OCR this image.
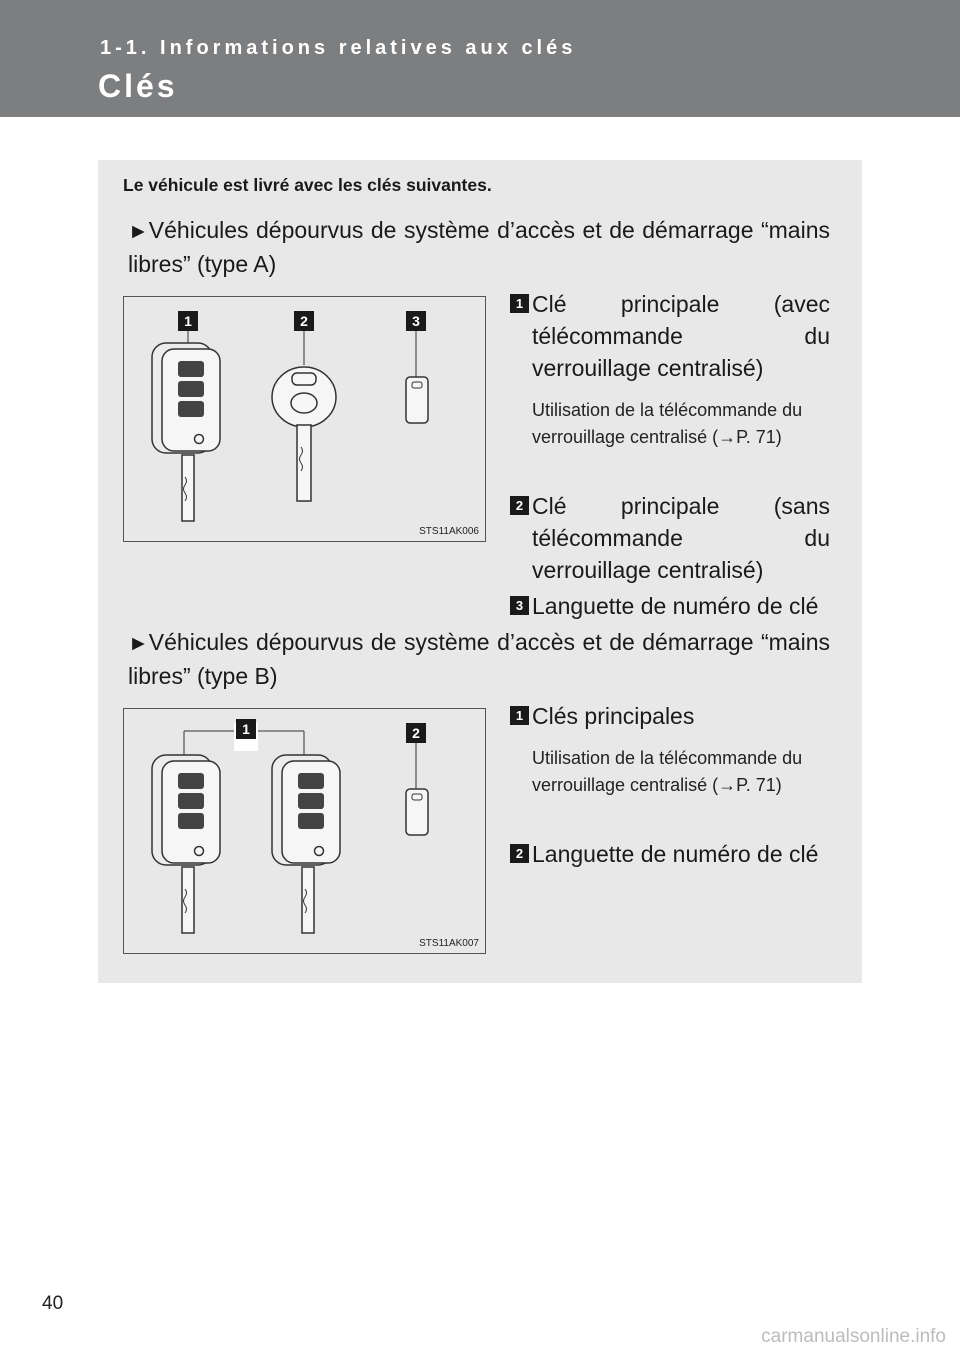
1-1. Informations relatives aux clés
Clés
Le véhicule est livré avec les clés suivantes.
►Véhicules dépourvus de système d’accès et de démarrage “mains libres” (type A)
1	2	3
STS11AK006
1 Clé principale (avec télécommande du verrouillage centralisé)
Utilisation de la télécommande du verrouillage centralisé (→P. 71)
2 Clé principale (sans télécommande du verrouillage centralisé)
3 Languette de numéro de clé
►Véhicules dépourvus de système d’accès et de démarrage “mains libres” (type B)
1	2
STS11AK007
1 Clés principales
Utilisation de la télécommande du verrouillage centralisé (→P. 71)
2 Languette de numéro de clé
40
carmanualsonline.info
